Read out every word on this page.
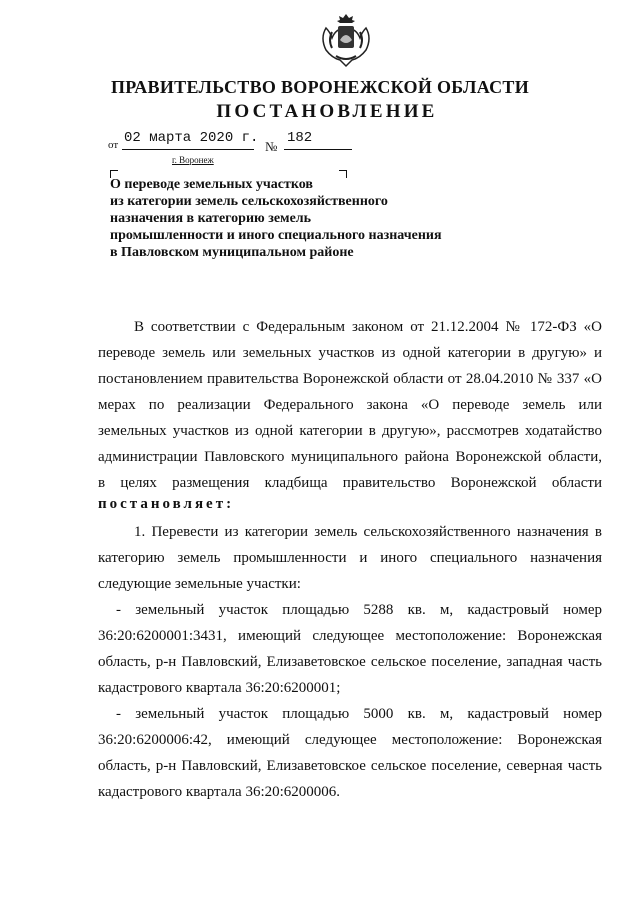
ПРАВИТЕЛЬСТВО ВОРОНЕЖСКОЙ ОБЛАСТИ
ПОСТАНОВЛЕНИЕ
от 02 марта 2020 г.
№
182
г. Воронеж
О переводе земельных участков
из категории земель сельскохозяйственного
назначения в категорию земель
промышленности и иного специального назначения
в Павловском муниципальном районе
В соответствии с Федеральным законом от 21.12.2004 № 172-ФЗ «О
переводе земель или земельных участков из одной категории в другую» и
постановлением правительства Воронежской области от 28.04.2010 № 337 «О
мерах по реализации Федерального закона «О переводе земель или
земельных участков из одной категории в другую», рассмотрев ходатайство
администрации Павловского муниципального района Воронежской области,
в целях размещения кладбища правительство Воронежской области
постановляет:
1. Перевести из категории земель сельскохозяйственного назначения в
категорию земель промышленности и иного специального назначения
следующие земельные участки:
- земельный участок площадью 5288 кв. м, кадастровый номер
36:20:6200001:3431, имеющий следующее местоположение: Воронежская
область, р-н Павловский, Елизаветовское сельское поселение, западная часть
кадастрового квартала 36:20:6200001;
- земельный участок площадью 5000 кв. м, кадастровый номер
36:20:6200006:42, имеющий следующее местоположение: Воронежская
область, р-н Павловский, Елизаветовское сельское поселение, северная часть
кадастрового квартала 36:20:6200006.
